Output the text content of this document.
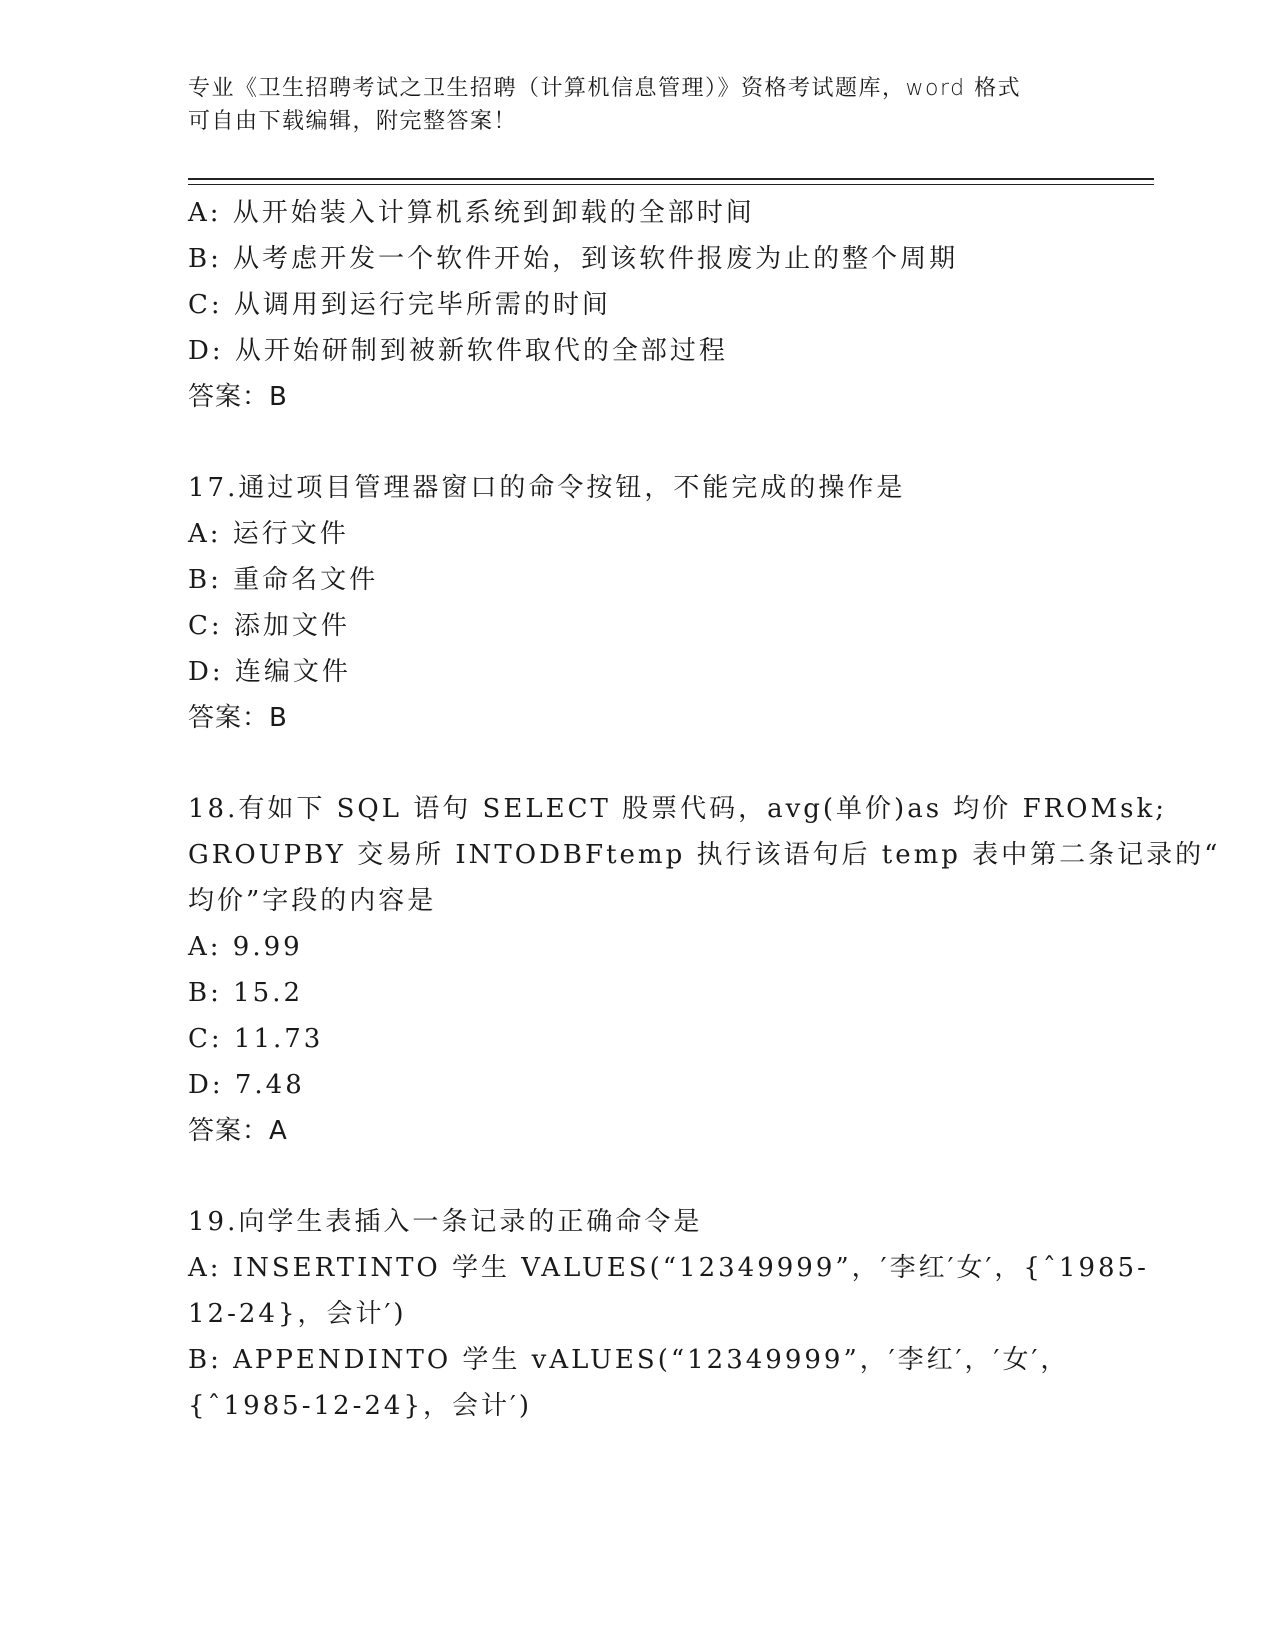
专业《卫生招聘考试之卫生招聘（计算机信息管理）》资格考试题库，word 格式
可自由下载编辑，附完整答案！
A: 从开始装入计算机系统到卸载的全部时间
B: 从考虑开发一个软件开始，到该软件报废为止的整个周期
C: 从调用到运行完毕所需的时间
D: 从开始研制到被新软件取代的全部过程
答案：B
17.通过项目管理器窗口的命令按钮，不能完成的操作是
A: 运行文件
B: 重命名文件
C: 添加文件
D: 连编文件
答案：B
18.有如下 SQL 语句 SELECT 股票代码，avg(单价)as 均价 FROMsk;
GROUPBY 交易所 INTODBFtemp 执行该语句后 temp 表中第二条记录的“
均价”字段的内容是
A: 9.99
B: 15.2
C: 11.73
D: 7.48
答案：A
19.向学生表插入一条记录的正确命令是
A: INSERTINTO 学生 VALUES(“12349999”，′李红′女′，{ˆ1985-
12-24}，会计′)
B: APPENDINTO 学生 vALUES(“12349999”，′李红′，′女′，
{ˆ1985-12-24}，会计′)
